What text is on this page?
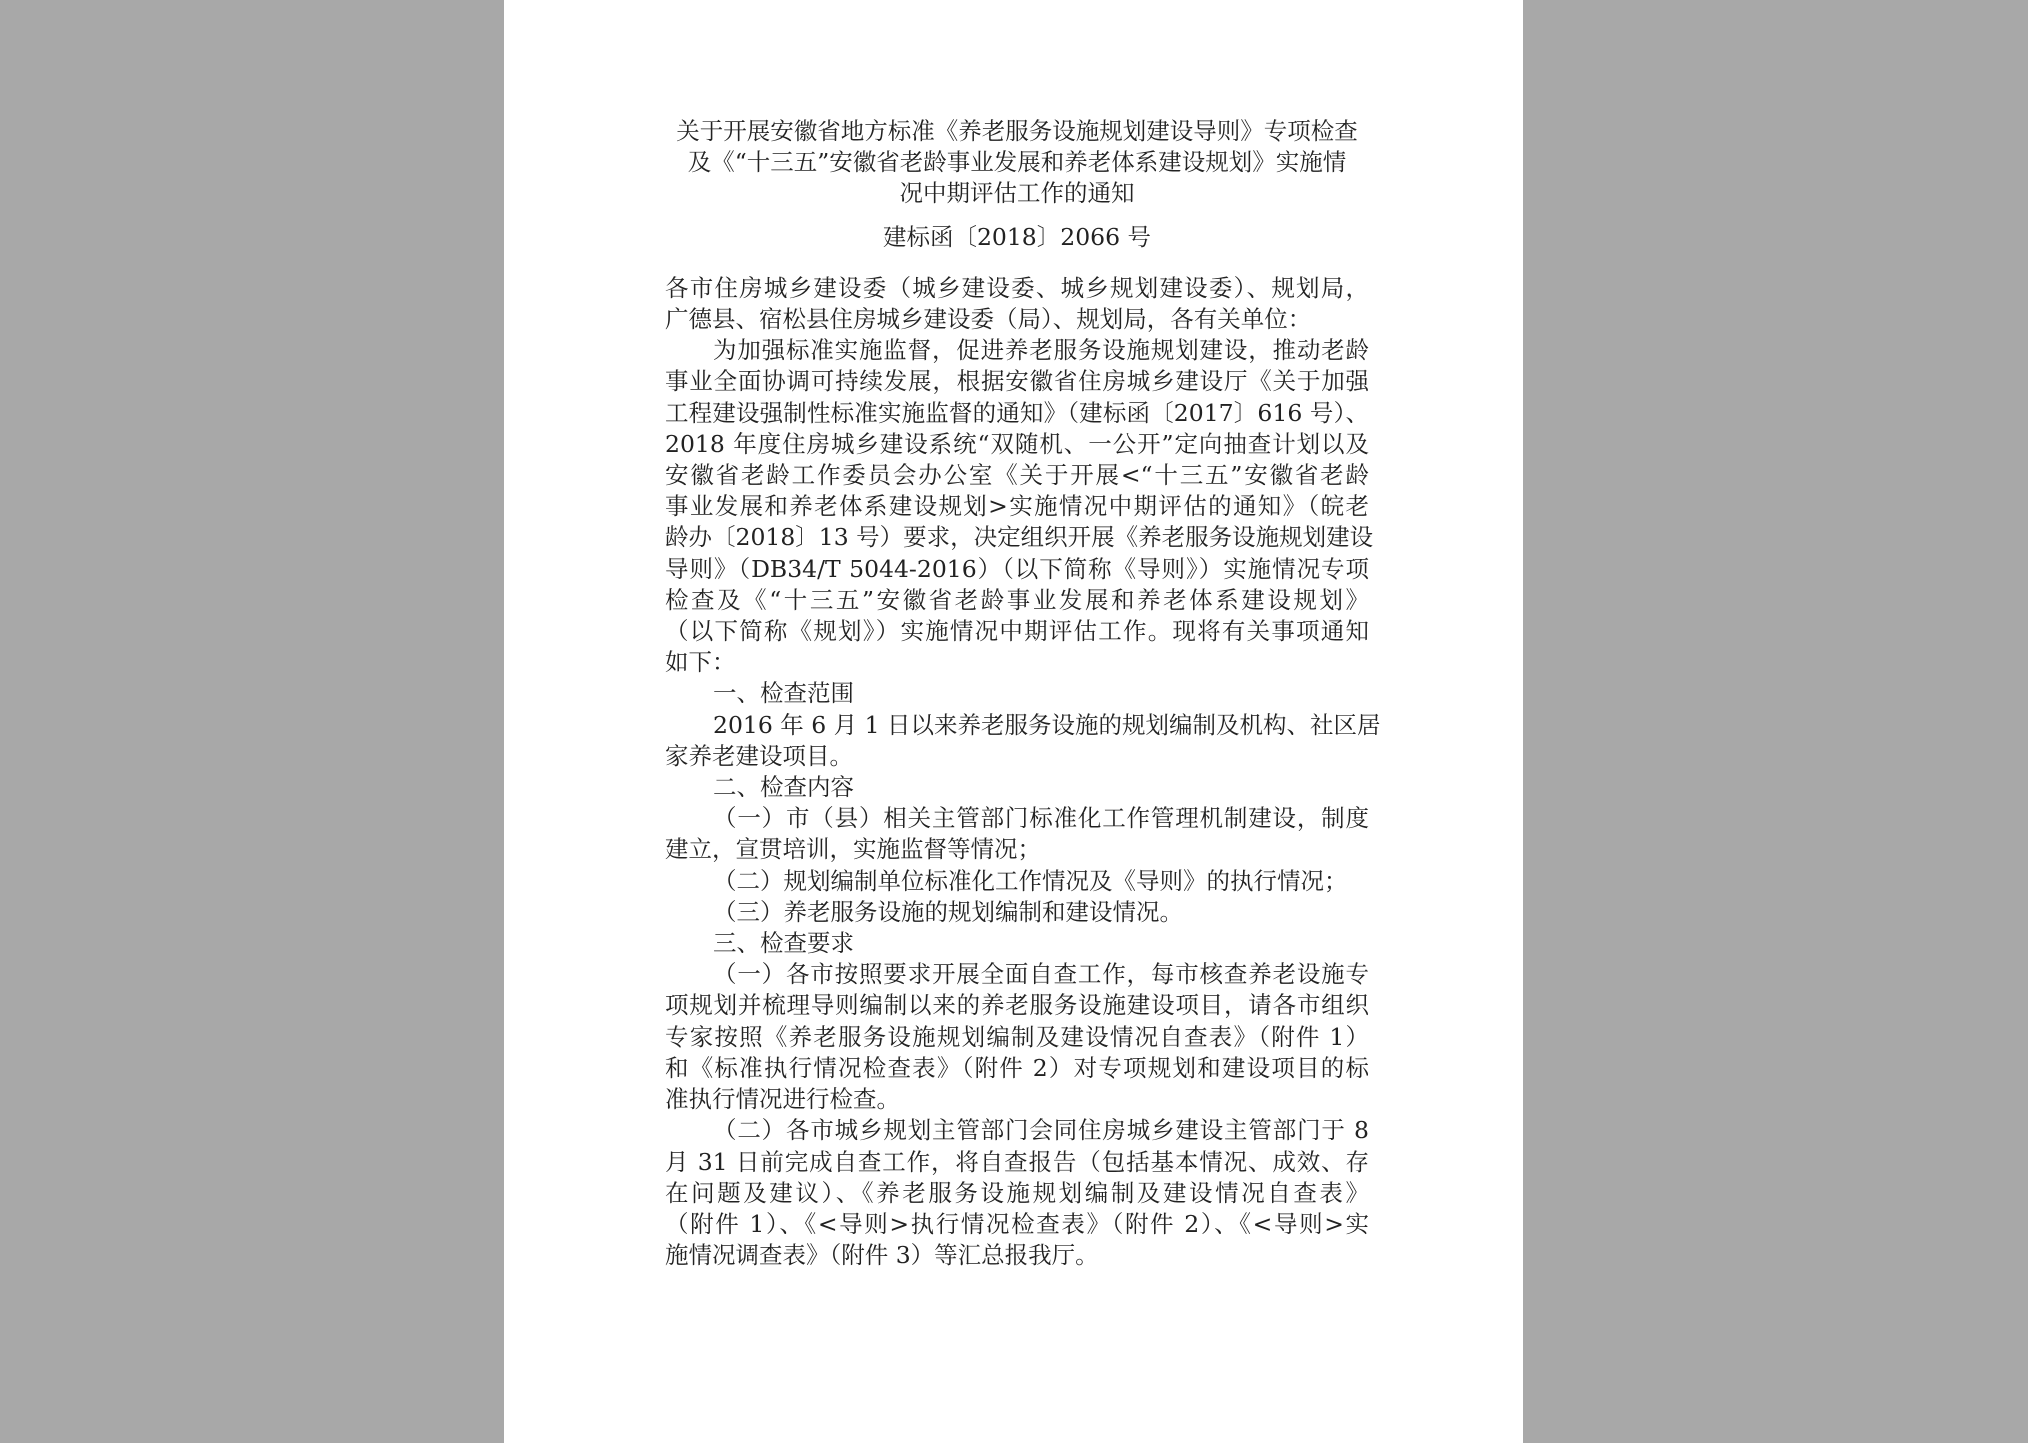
关于开展安徽省地方标准《养老服务设施规划建设导则》专项检查
及《“十三五”安徽省老龄事业发展和养老体系建设规划》实施情
况中期评估工作的通知
建标函〔2018〕2066 号
各市住房城乡建设委（城乡建设委、城乡规划建设委）、规划局，
广德县、宿松县住房城乡建设委（局）、规划局，各有关单位：
为加强标准实施监督，促进养老服务设施规划建设，推动老龄
事业全面协调可持续发展，根据安徽省住房城乡建设厅《关于加强
工程建设强制性标准实施监督的通知》（建标函〔2017〕616 号）、
2018 年度住房城乡建设系统“双随机、一公开”定向抽查计划以及
安徽省老龄工作委员会办公室《关于开展<“十三五”安徽省老龄
事业发展和养老体系建设规划>实施情况中期评估的通知》（皖老
龄办〔2018〕13 号）要求，决定组织开展《养老服务设施规划建设
导则》（DB34/T 5044-2016）（以下简称《导则》）实施情况专项
检查及《“十三五”安徽省老龄事业发展和养老体系建设规划》
（以下简称《规划》）实施情况中期评估工作。现将有关事项通知
如下：
一、检查范围
2016 年 6 月 1 日以来养老服务设施的规划编制及机构、社区居
家养老建设项目。
二、检查内容
（一）市（县）相关主管部门标准化工作管理机制建设，制度
建立，宣贯培训，实施监督等情况；
（二）规划编制单位标准化工作情况及《导则》的执行情况；
（三）养老服务设施的规划编制和建设情况。
三、检查要求
（一）各市按照要求开展全面自查工作，每市核查养老设施专
项规划并梳理导则编制以来的养老服务设施建设项目，请各市组织
专家按照《养老服务设施规划编制及建设情况自查表》（附件 1）
和《标准执行情况检查表》（附件 2）对专项规划和建设项目的标
准执行情况进行检查。
（二）各市城乡规划主管部门会同住房城乡建设主管部门于 8
月 31 日前完成自查工作，将自查报告（包括基本情况、成效、存
在问题及建议）、《养老服务设施规划编制及建设情况自查表》
（附件 1）、《<导则>执行情况检查表》（附件 2）、《<导则>实
施情况调查表》（附件 3）等汇总报我厅。
